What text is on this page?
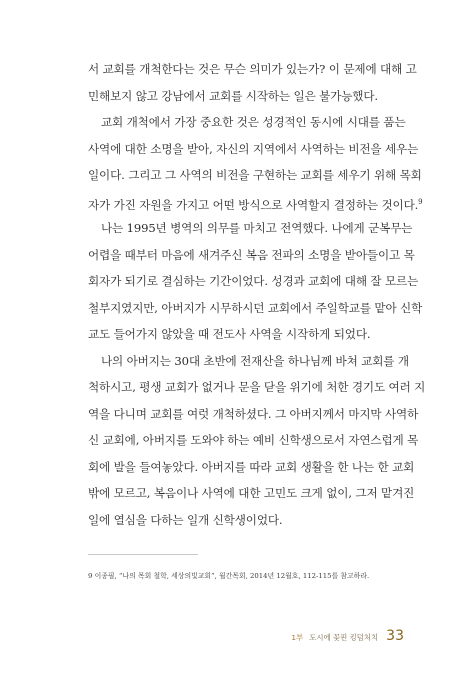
서 교회를 개척한다는 것은 무슨 의미가 있는가? 이 문제에 대해 고
민해보지 않고 강남에서 교회를 시작하는 일은 불가능했다.
교회 개척에서 가장 중요한 것은 성경적인 동시에 시대를 품는
사역에 대한 소명을 받아, 자신의 지역에서 사역하는 비전을 세우는
일이다. 그리고 그 사역의 비전을 구현하는 교회를 세우기 위해 목회
자가 가진 자원을 가지고 어떤 방식으로 사역할지 결정하는 것이다.$^9$
나는 1995년 병역의 의무를 마치고 전역했다. 나에게 군복무는
어렵을 때부터 마음에 새겨주신 복음 전파의 소명을 받아들이고 목
회자가 되기로 결심하는 기간이었다. 성경과 교회에 대해 잘 모르는
철부지였지만, 아버지가 시무하시던 교회에서 주일학교를 맡아 신학
교도 들어가지 않았을 때 전도사 사역을 시작하게 되었다.
나의 아버지는 30대 초반에 전재산을 하나님께 바쳐 교회를 개
척하시고, 평생 교회가 없거나 문을 닫을 위기에 처한 경기도 여러 지
역을 다니며 교회를 여럿 개척하셨다. 그 아버지께서 마지막 사역하
신 교회에, 아버지를 도와야 하는 예비 신학생으로서 자연스럽게 목
회에 발을 들여놓았다. 아버지를 따라 교회 생활을 한 나는 한 교회
밖에 모르고, 복음이나 사역에 대한 고민도 크게 없이, 그저 맡겨진
일에 열심을 다하는 일개 신학생이었다.
9 이종필, “나의 목회 철학, 세상의빛교회”, 월간목회, 2014년 12월호, 112-115를 참고하라.
1부 도시에 꽃핀 킹덤처치 33
